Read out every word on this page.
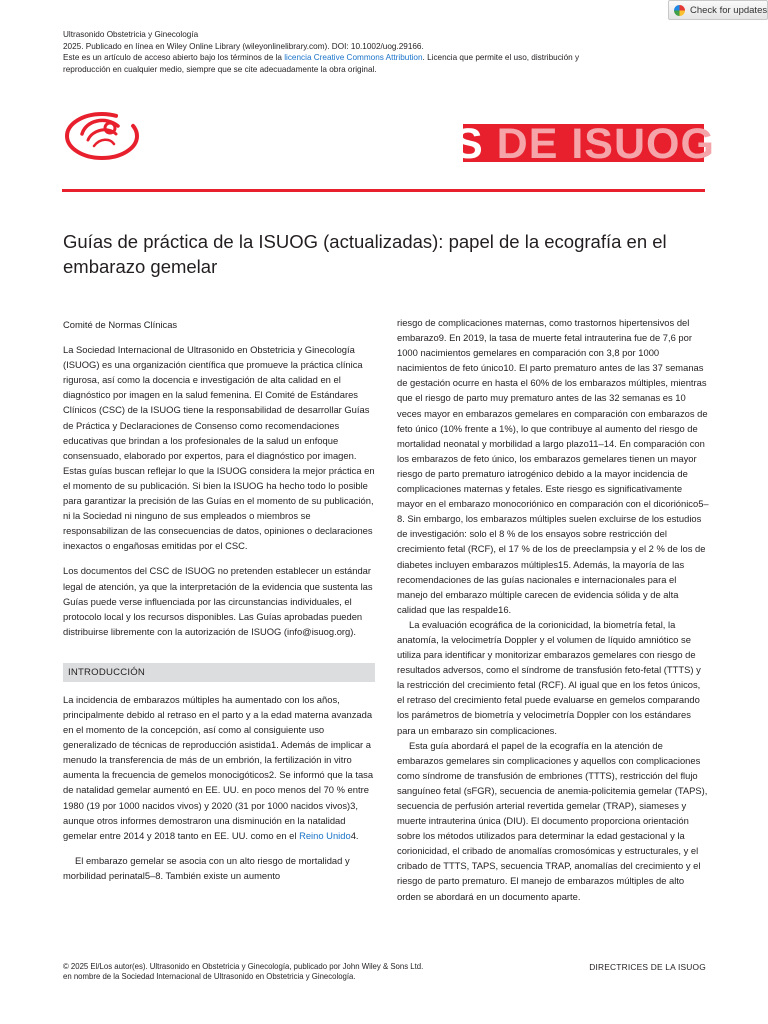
Check for updates
Ultrasonido Obstetricia y Ginecología
2025. Publicado en línea en Wiley Online Library (wileyonlinelibrary.com). DOI: 10.1002/uog.29166.
Este es un artículo de acceso abierto bajo los términos de la licencia Creative Commons Attribution. Licencia que permite el uso, distribución y
reproducción en cualquier medio, siempre que se cite adecuadamente la obra original.
S DE ISUOG
Guías de práctica de la ISUOG (actualizadas): papel de la ecografía en el embarazo gemelar

Comité de Normas Clínicas

La Sociedad Internacional de Ultrasonido en Obstetricia y Ginecología (ISUOG) es una organización científica que promueve la práctica clínica rigurosa, así como la docencia e investigación de alta calidad en el diagnóstico por imagen en la salud femenina. El Comité de Estándares Clínicos (CSC) de la ISUOG tiene la responsabilidad de desarrollar Guías de Práctica y Declaraciones de Consenso como recomendaciones educativas que brindan a los profesionales de la salud un enfoque consensuado, elaborado por expertos, para el diagnóstico por imagen. Estas guías buscan reflejar lo que la ISUOG considera la mejor práctica en el momento de su publicación. Si bien la ISUOG ha hecho todo lo posible para garantizar la precisión de las Guías en el momento de su publicación, ni la Sociedad ni ninguno de sus empleados o miembros se responsabilizan de las consecuencias de datos, opiniones o declaraciones inexactos o engañosas emitidas por el CSC.

Los documentos del CSC de ISUOG no pretenden establecer un estándar legal de atención, ya que la interpretación de la evidencia que sustenta las Guías puede verse influenciada por las circunstancias individuales, el protocolo local y los recursos disponibles. Las Guías aprobadas pueden distribuirse libremente con la autorización de ISUOG (info@isuog.org).

INTRODUCCIÓN

La incidencia de embarazos múltiples ha aumentado con los años, principalmente debido al retraso en el parto y a la edad materna avanzada en el momento de la concepción, así como al consiguiente uso generalizado de técnicas de reproducción asistida1. Además de implicar a menudo la transferencia de más de un embrión, la fertilización in vitro aumenta la frecuencia de gemelos monocigóticos2. Se informó que la tasa de natalidad gemelar aumentó en EE. UU. en poco menos del 70 % entre 1980 (19 por 1000 nacidos vivos) y 2020 (31 por 1000 nacidos vivos)3, aunque otros informes demostraron una disminución en la natalidad gemelar entre 2014 y 2018 tanto en EE. UU. como en el Reino Unido4.

El embarazo gemelar se asocia con un alto riesgo de mortalidad y morbilidad perinatal5–8. También existe un aumento

riesgo de complicaciones maternas, como trastornos hipertensivos del embarazo9. En 2019, la tasa de muerte fetal intrauterina fue de 7,6 por 1000 nacimientos gemelares en comparación con 3,8 por 1000 nacimientos de feto único10. El parto prematuro antes de las 37 semanas de gestación ocurre en hasta el 60% de los embarazos múltiples, mientras que el riesgo de parto muy prematuro antes de las 32 semanas es 10 veces mayor en embarazos gemelares en comparación con embarazos de feto único (10% frente a 1%), lo que contribuye al aumento del riesgo de mortalidad neonatal y morbilidad a largo plazo11–14. En comparación con los embarazos de feto único, los embarazos gemelares tienen un mayor riesgo de parto prematuro iatrogénico debido a la mayor incidencia de complicaciones maternas y fetales. Este riesgo es significativamente mayor en el embarazo monocoriónico en comparación con el dicoriónico5–8. Sin embargo, los embarazos múltiples suelen excluirse de los estudios de investigación: solo el 8 % de los ensayos sobre restricción del crecimiento fetal (RCF), el 17 % de los de preeclampsia y el 2 % de los de diabetes incluyen embarazos múltiples15. Además, la mayoría de las recomendaciones de las guías nacionales e internacionales para el manejo del embarazo múltiple carecen de evidencia sólida y de alta calidad que las respalde16.

La evaluación ecográfica de la corionicidad, la biometría fetal, la anatomía, la velocimetría Doppler y el volumen de líquido amniótico se utiliza para identificar y monitorizar embarazos gemelares con riesgo de resultados adversos, como el síndrome de transfusión feto-fetal (TTTS) y la restricción del crecimiento fetal (RCF). Al igual que en los fetos únicos, el retraso del crecimiento fetal puede evaluarse en gemelos comparando los parámetros de biometría y velocimetría Doppler con los estándares para un embarazo sin complicaciones.

Esta guía abordará el papel de la ecografía en la atención de embarazos gemelares sin complicaciones y aquellos con complicaciones como síndrome de transfusión de embriones (TTTS), restricción del flujo sanguíneo fetal (sFGR), secuencia de anemia-policitemia gemelar (TAPS), secuencia de perfusión arterial revertida gemelar (TRAP), siameses y muerte intrauterina única (DIU). El documento proporciona orientación sobre los métodos utilizados para determinar la edad gestacional y la corionicidad, el cribado de anomalías cromosómicas y estructurales, y el cribado de TTTS, TAPS, secuencia TRAP, anomalías del crecimiento y el riesgo de parto prematuro. El manejo de embarazos múltiples de alto orden se abordará en un documento aparte.

© 2025 El/Los autor(es). Ultrasonido en Obstetricia y Ginecología, publicado por John Wiley & Sons Ltd.
en nombre de la Sociedad Internacional de Ultrasonido en Obstetricia y Ginecología.
DIRECTRICES DE LA ISUOG
